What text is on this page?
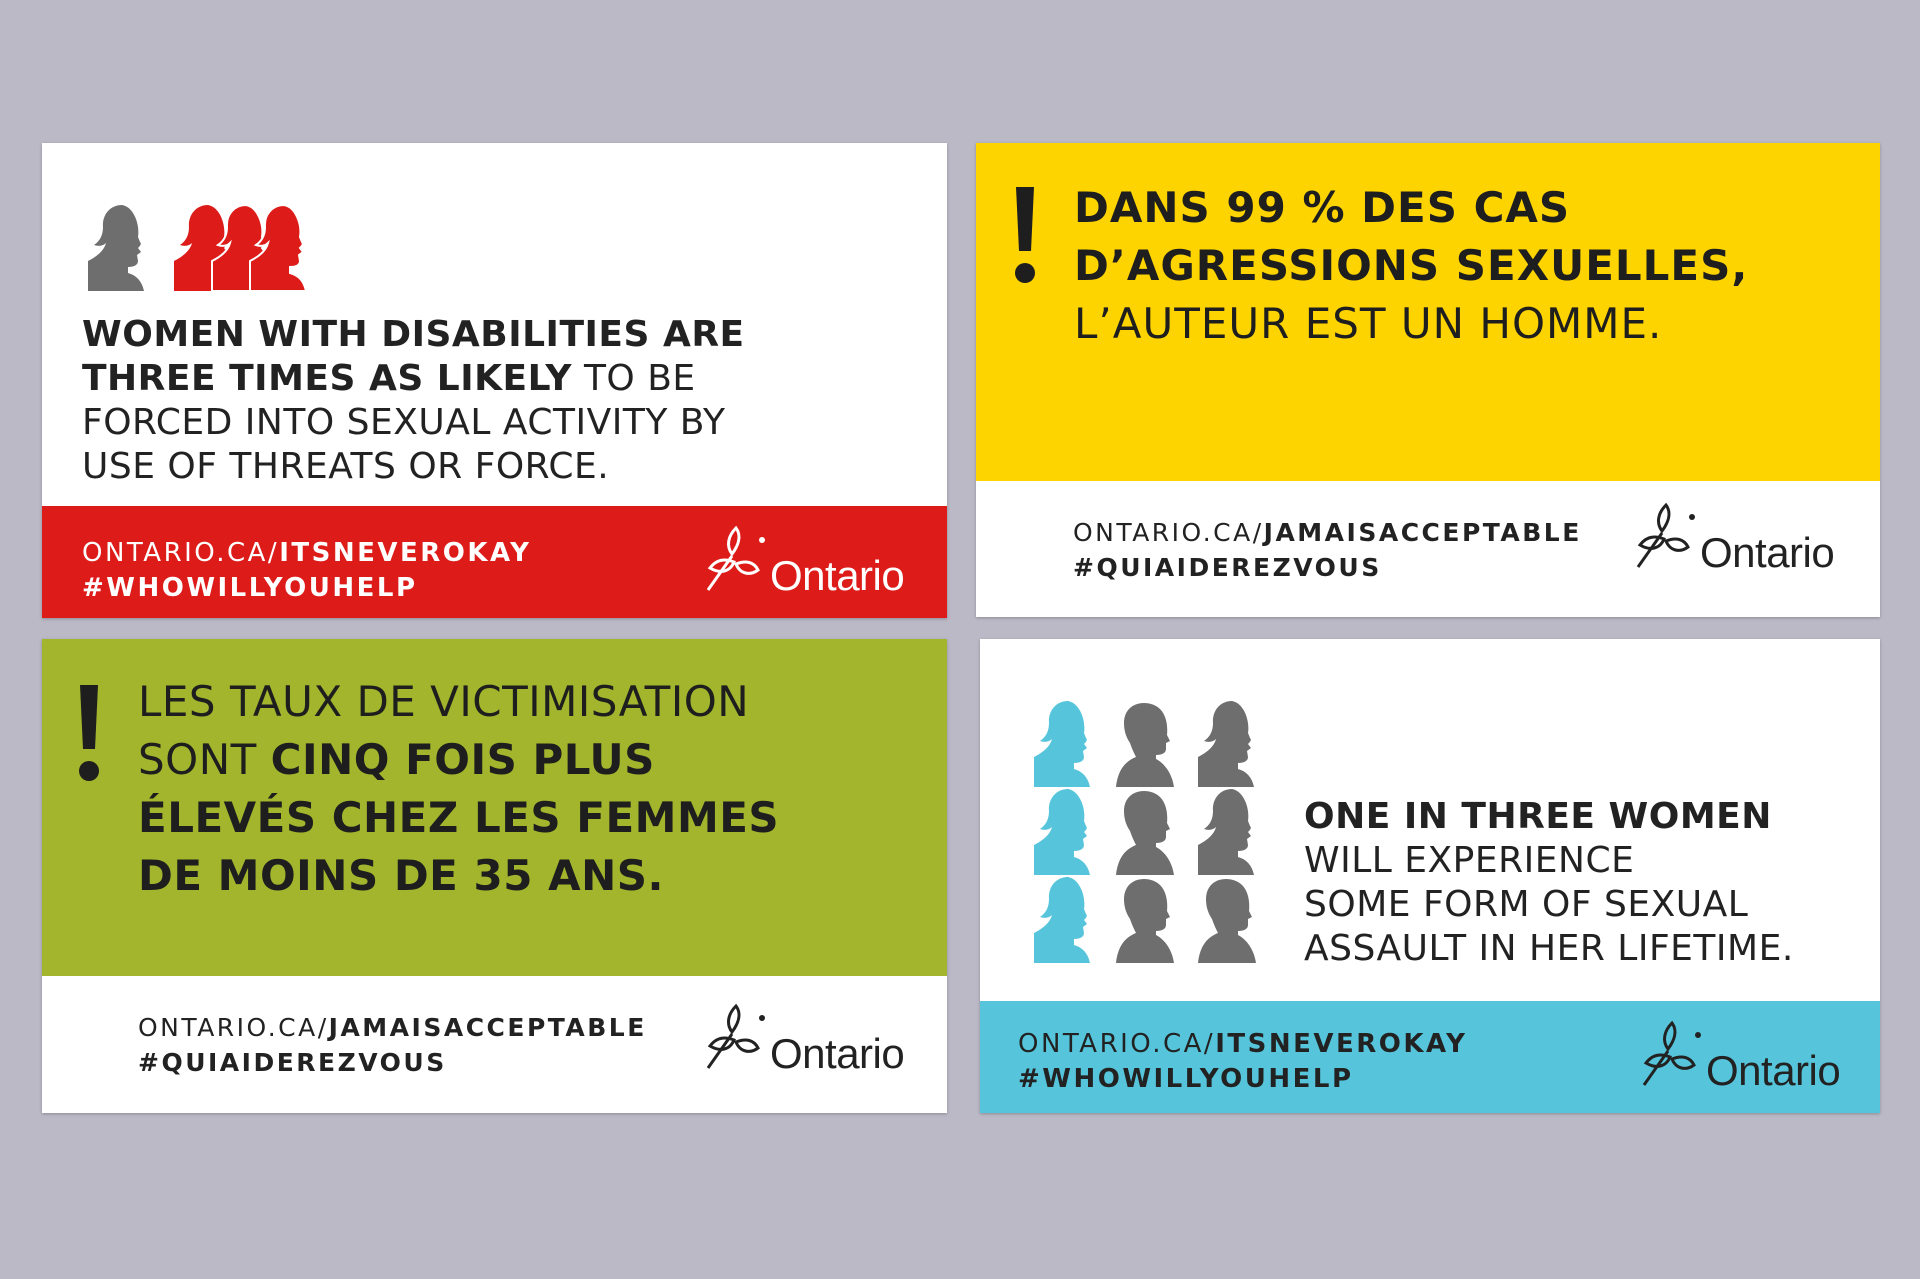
WOMEN WITH DISABILITIES ARE
THREE TIMES AS LIKELY TO BE
FORCED INTO SEXUAL ACTIVITY BY
USE OF THREATS OR FORCE.
ONTARIO.CA/ITSNEVEROKAY
#WHOWILLYOUHELP	Ontario
DANS 99 % DES CAS
D’AGRESSIONS SEXUELLES,
L’AUTEUR EST UN HOMME.
ONTARIO.CA/JAMAISACCEPTABLE
#QUIAIDEREZVOUS	Ontario
LES TAUX DE VICTIMISATION
SONT CINQ FOIS PLUS
ÉLEVÉS CHEZ LES FEMMES
DE MOINS DE 35 ANS.
ONTARIO.CA/JAMAISACCEPTABLE
#QUIAIDEREZVOUS	Ontario
ONE IN THREE WOMEN
WILL EXPERIENCE
SOME FORM OF SEXUAL
ASSAULT IN HER LIFETIME.
ONTARIO.CA/ITSNEVEROKAY
#WHOWILLYOUHELP	Ontario
